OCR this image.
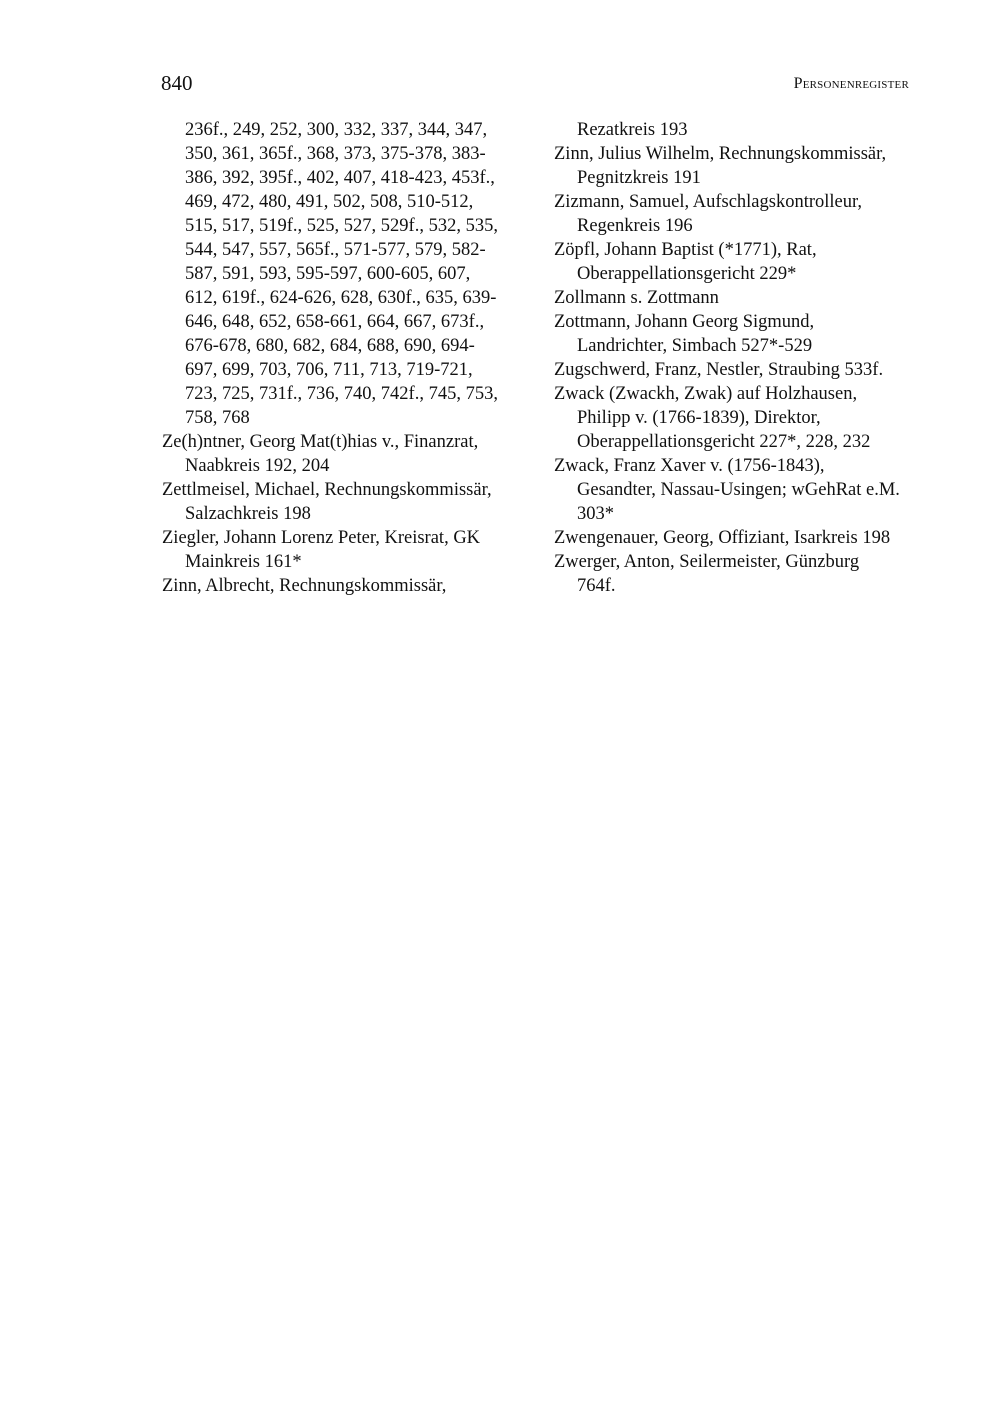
840	Personenregister
236f., 249, 252, 300, 332, 337, 344, 347,
350, 361, 365f., 368, 373, 375-378, 383-
386, 392, 395f., 402, 407, 418-423, 453f.,
469, 472, 480, 491, 502, 508, 510-512,
515, 517, 519f., 525, 527, 529f., 532, 535,
544, 547, 557, 565f., 571-577, 579, 582-
587, 591, 593, 595-597, 600-605, 607,
612, 619f., 624-626, 628, 630f., 635, 639-
646, 648, 652, 658-661, 664, 667, 673f.,
676-678, 680, 682, 684, 688, 690, 694-
697, 699, 703, 706, 711, 713, 719-721,
723, 725, 731f., 736, 740, 742f., 745, 753,
758, 768
Ze(h)ntner, Georg Mat(t)hias v., Finanzrat,
Naabkreis 192, 204
Zettlmeisel, Michael, Rechnungskommissär,
Salzachkreis 198
Ziegler, Johann Lorenz Peter, Kreisrat, GK
Mainkreis 161*
Zinn, Albrecht, Rechnungskommissär,
Rezatkreis 193
Zinn, Julius Wilhelm, Rechnungskommissär,
Pegnitzkreis 191
Zizmann, Samuel, Aufschlagskontrolleur,
Regenkreis 196
Zöpfl, Johann Baptist (*1771), Rat,
Oberappellationsgericht 229*
Zollmann s. Zottmann
Zottmann, Johann Georg Sigmund,
Landrichter, Simbach 527*-529
Zugschwerd, Franz, Nestler, Straubing 533f.
Zwack (Zwackh, Zwak) auf Holzhausen,
Philipp v. (1766-1839), Direktor,
Oberappellationsgericht 227*, 228, 232
Zwack, Franz Xaver v. (1756-1843),
Gesandter, Nassau-Usingen; wGehRat e.M.
303*
Zwengenauer, Georg, Offiziant, Isarkreis 198
Zwerger, Anton, Seilermeister, Günzburg
764f.
